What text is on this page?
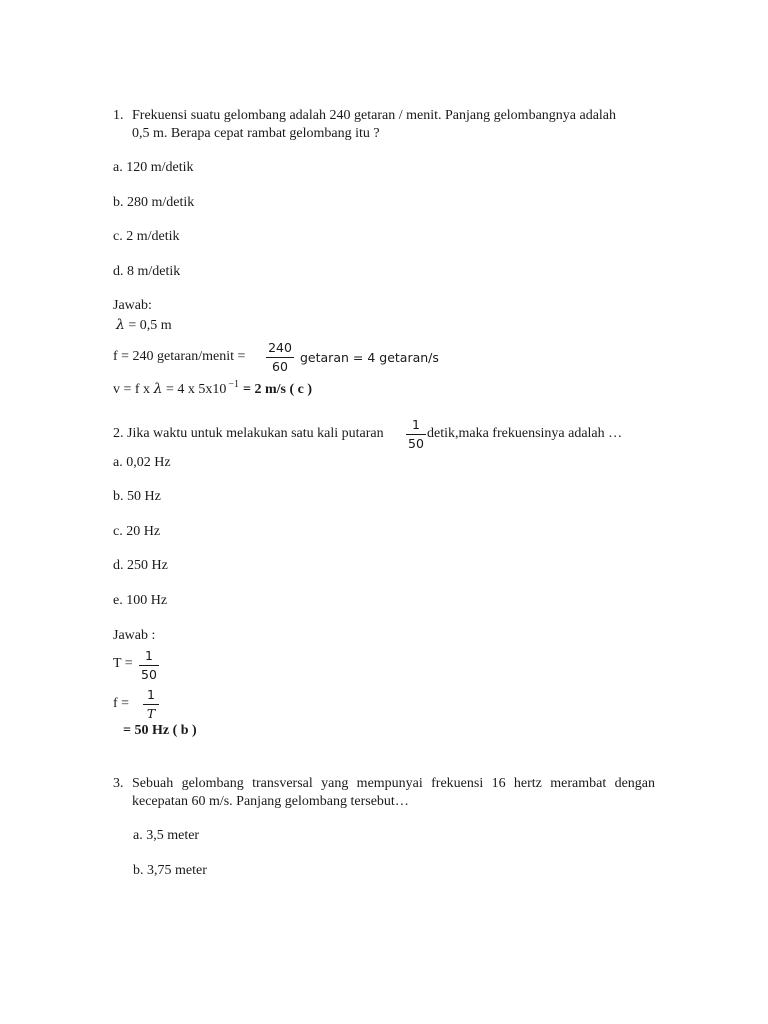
1. Frekuensi suatu gelombang adalah 240 getaran / menit. Panjang gelombangnya adalah
0,5 m. Berapa cepat rambat gelombang itu ?
a. 120 m/detik
b. 280 m/detik
c. 2 m/detik
d. 8 m/detik
Jawab:
λ = 0,5 m
f = 240 getaran/menit =
240
60
getaran = 4 getaran/s
v = f x λ = 4 x 5x10 $^{-1}$ = 2 m/s ( c )
2. Jika waktu untuk melakukan satu kali putaran
1
50
detik,maka frekuensinya adalah …
a. 0,02 Hz
b. 50 Hz
c. 20 Hz
d. 250 Hz
e. 100 Hz
Jawab :
T =
1
50
f =
1
T
= 50 Hz ( b )
3. Sebuah gelombang transversal yang mempunyai frekuensi 16 hertz merambat dengan
kecepatan 60 m/s. Panjang gelombang tersebut…
a. 3,5 meter
b. 3,75 meter
